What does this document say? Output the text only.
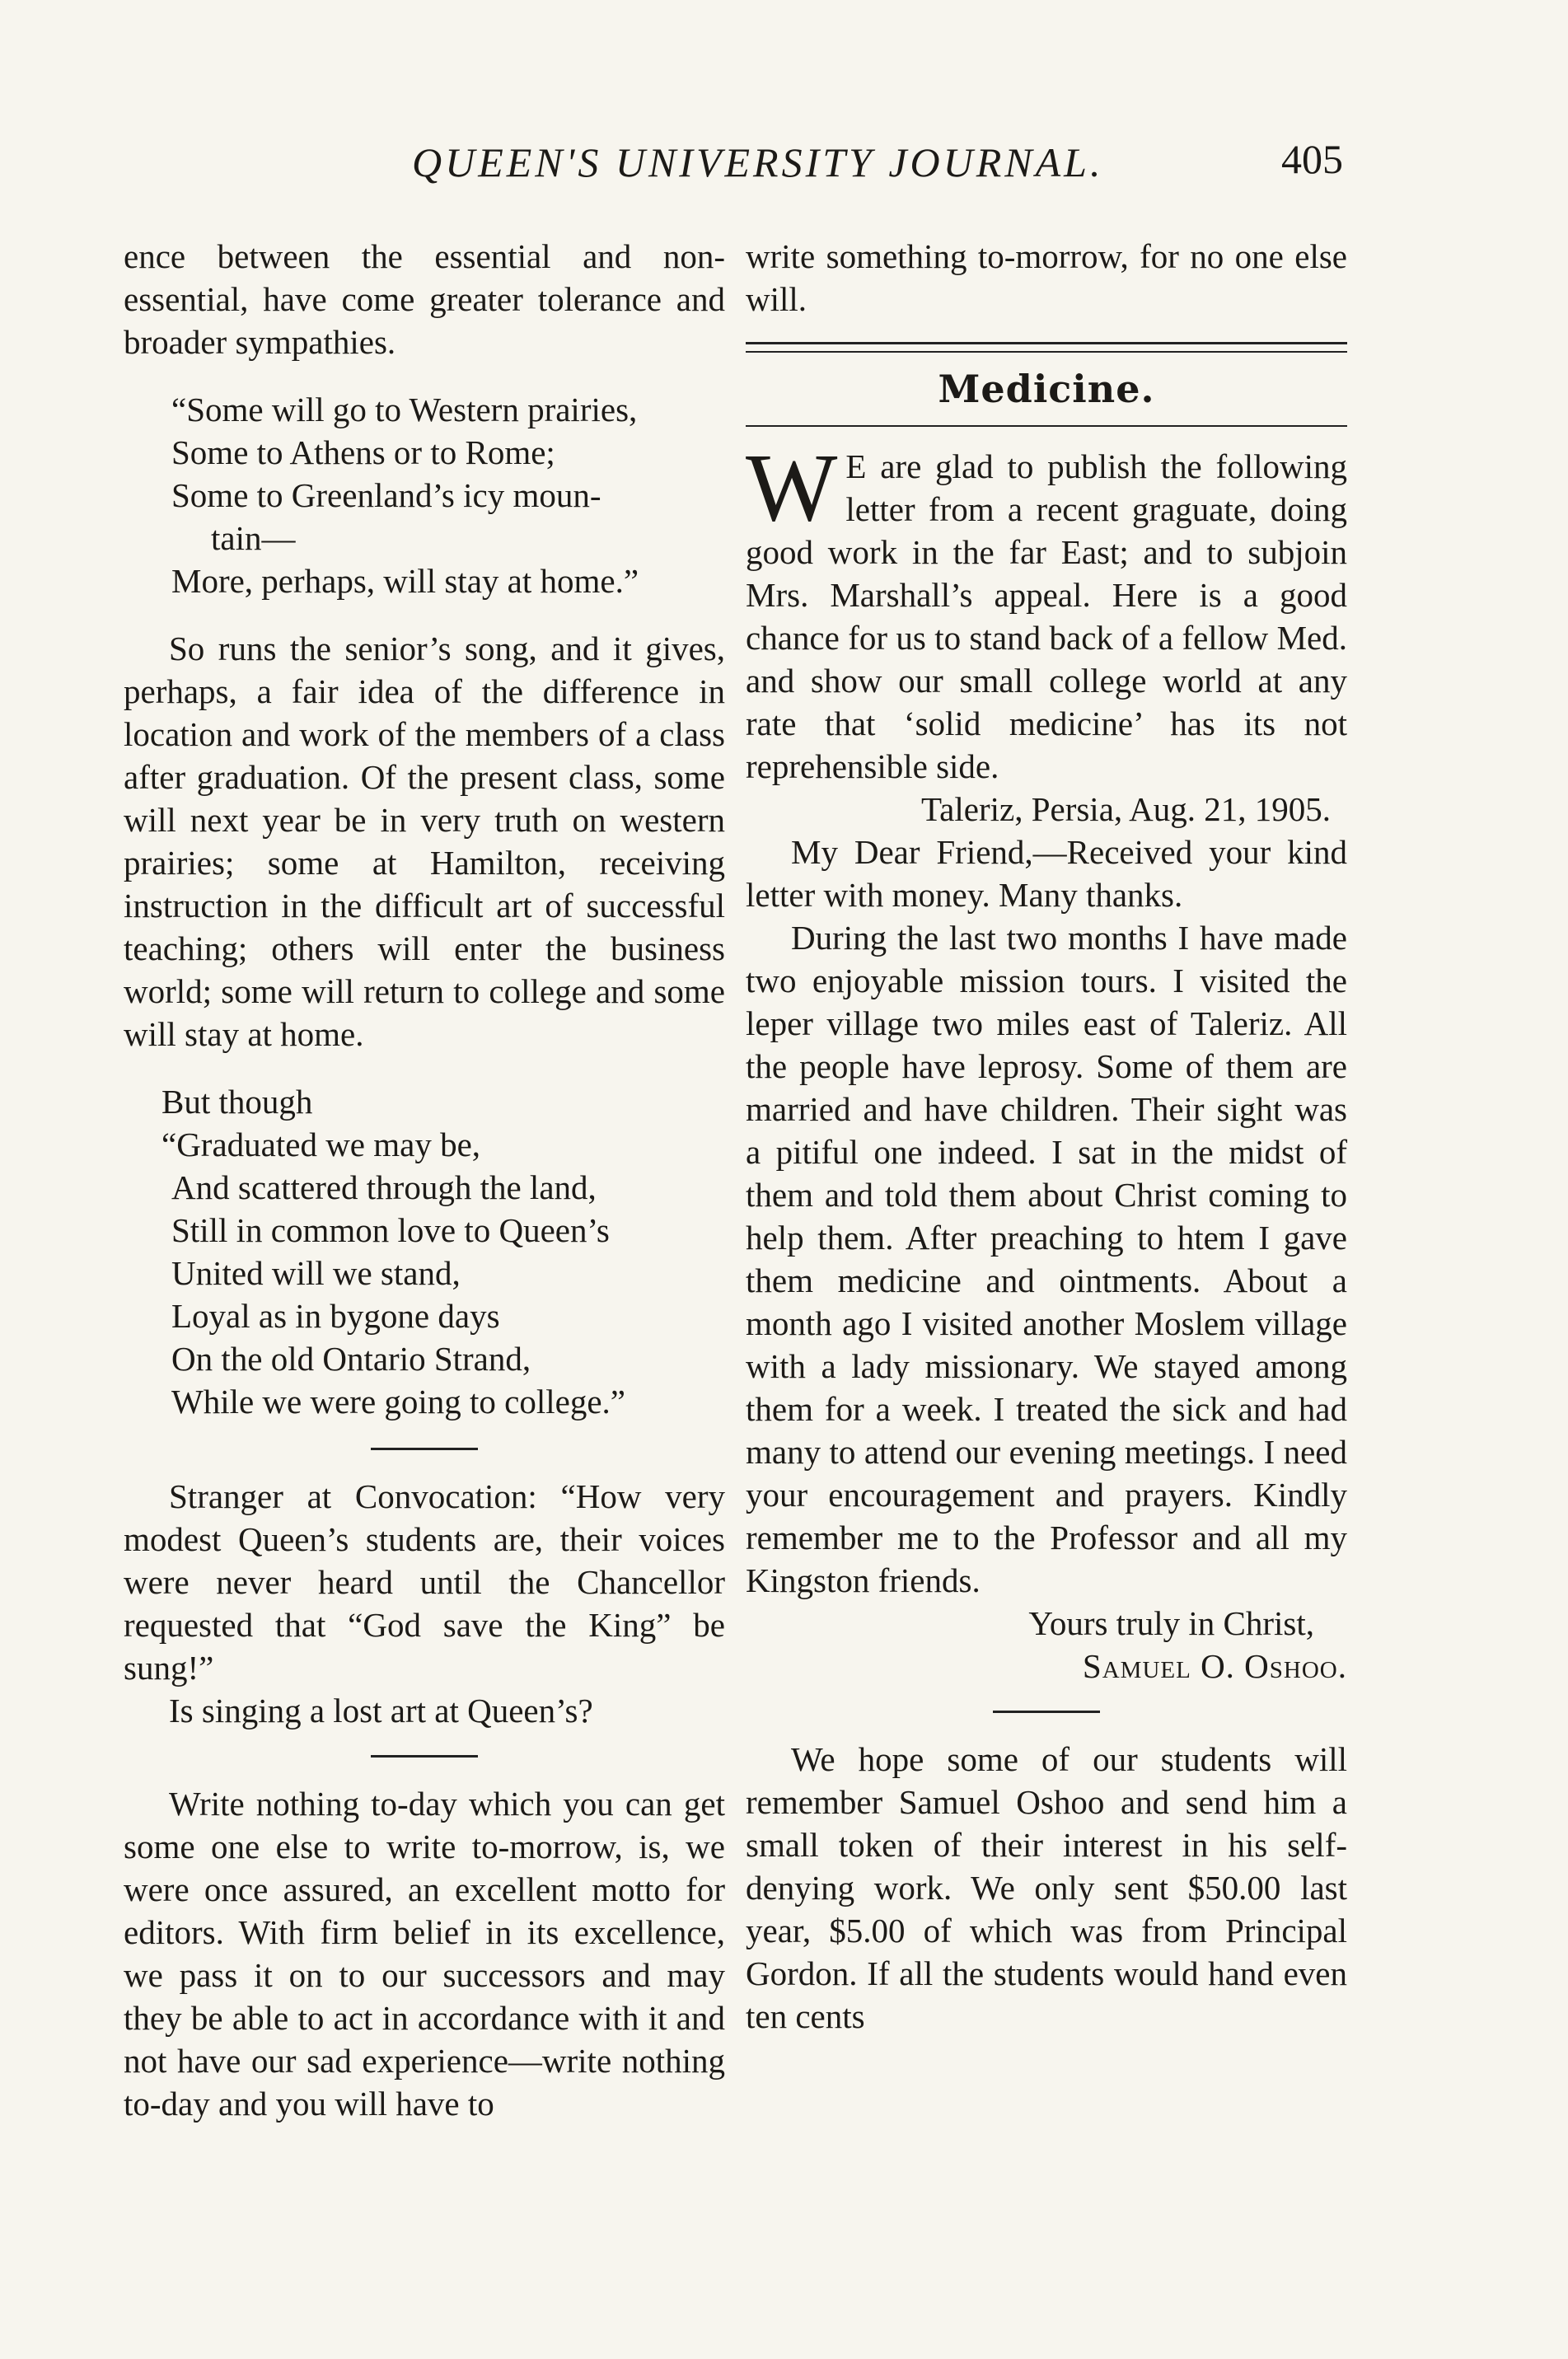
QUEEN'S UNIVERSITY JOURNAL.	405

ence between the essential and non-essential, have come greater tolerance and broader sympathies.

“Some will go to Western prairies,
Some to Athens or to Rome;
Some to Greenland’s icy moun-
tain—
More, perhaps, will stay at home.”

So runs the senior’s song, and it gives, perhaps, a fair idea of the difference in location and work of the members of a class after graduation. Of the present class, some will next year be in very truth on western prairies; some at Hamilton, receiving instruction in the difficult art of successful teaching; others will enter the business world; some will return to college and some will stay at home.

But though
“Graduated we may be,
And scattered through the land,
Still in common love to Queen’s
United will we stand,
Loyal as in bygone days
On the old Ontario Strand,
While we were going to college.”

Stranger at Convocation: “How very modest Queen’s students are, their voices were never heard until the Chancellor requested that “God save the King” be sung!”

Is singing a lost art at Queen’s?

Write nothing to-day which you can get some one else to write to-morrow, is, we were once assured, an excellent motto for editors. With firm belief in its excellence, we pass it on to our successors and may they be able to act in accordance with it and not have our sad experience—write nothing to-day and you will have to

write something to-morrow, for no one else will.

Medicine.

W E are glad to publish the following letter from a recent graguate, doing good work in the far East; and to subjoin Mrs. Marshall’s appeal. Here is a good chance for us to stand back of a fellow Med. and show our small college world at any rate that ‘solid medicine’ has its not reprehensible side.

Taleriz, Persia, Aug. 21, 1905.

My Dear Friend,—Received your kind letter with money. Many thanks.

During the last two months I have made two enjoyable mission tours. I visited the leper village two miles east of Taleriz. All the people have leprosy. Some of them are married and have children. Their sight was a pitiful one indeed. I sat in the midst of them and told them about Christ coming to help them. After preaching to htem I gave them medicine and ointments. About a month ago I visited another Moslem village with a lady missionary. We stayed among them for a week. I treated the sick and had many to attend our evening meetings. I need your encouragement and prayers. Kindly remember me to the Professor and all my Kingston friends.

Yours truly in Christ,

Samuel O. Oshoo.

We hope some of our students will remember Samuel Oshoo and send him a small token of their interest in his self-denying work. We only sent $50.00 last year, $5.00 of which was from Principal Gordon. If all the students would hand even ten cents
